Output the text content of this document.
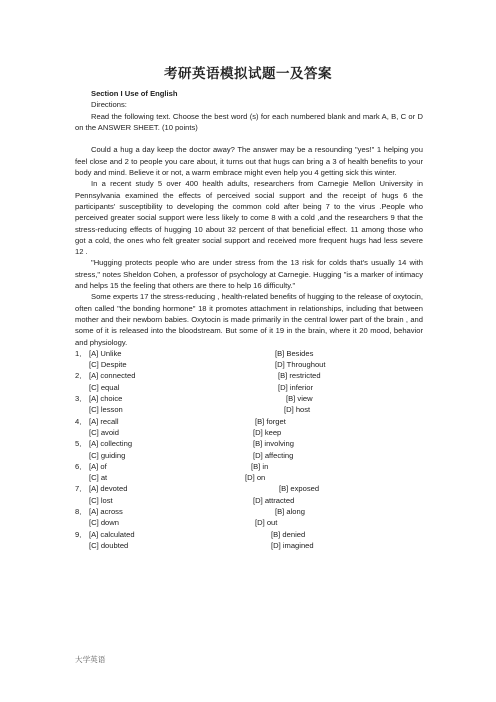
考研英语模拟试题一及答案
Section I Use of English
Directions:

Read the following text. Choose the best word (s) for each numbered blank and mark A, B, C or D on the ANSWER SHEET. (10 points)

Could a hug a day keep the doctor away? The answer may be a resounding "yes!" 1 helping you feel close and 2 to people you care about, it turns out that hugs can bring a 3 of health benefits to your body and mind. Believe it or not, a warm embrace might even help you 4 getting sick this winter.

In a recent study 5 over 400 health adults, researchers from Carnegie Mellon University in Pennsylvania examined the effects of perceived social support and the receipt of hugs 6 the participants' susceptibility to developing the common cold after being 7 to the virus .People who perceived greater social support were less likely to come 8 with a cold ,and the researchers 9 that the stress-reducing effects of hugging 10 about 32 percent of that beneficial effect. 11 among those who got a cold, the ones who felt greater social support and received more frequent hugs had less severe 12 .

"Hugging protects people who are under stress from the 13 risk for colds that's usually 14 with stress," notes Sheldon Cohen, a professor of psychology at Carnegie. Hugging "is a marker of intimacy and helps 15 the feeling that others are there to help 16 difficulty."

Some experts 17 the stress-reducing , health-related benefits of hugging to the release of oxytocin, often called "the bonding hormone" 18 it promotes attachment in relationships, including that between mother and their newborn babies. Oxytocin is made primarily in the central lower part of the brain , and some of it is released into the bloodstream. But some of it 19 in the brain, where it 20 mood, behavior and physiology.

1． [A] Unlike	[B] Besides
[C] Despite	[D] Throughout
2． [A] connected	[B] restricted
[C] equal	[D] inferior
3． [A] choice	[B] view
[C] lesson	[D] host
4． [A] recall	[B] forget
[C] avoid	[D] keep
5． [A] collecting	[B] involving
[C] guiding	[D] affecting
6． [A] of	[B] in
[C] at	[D] on
7． [A] devoted	[B] exposed
[C] lost	[D] attracted
8． [A] across	[B] along
[C] down	[D] out
9． [A] calculated	[B] denied
[C] doubted	[D] imagined
大学英语
